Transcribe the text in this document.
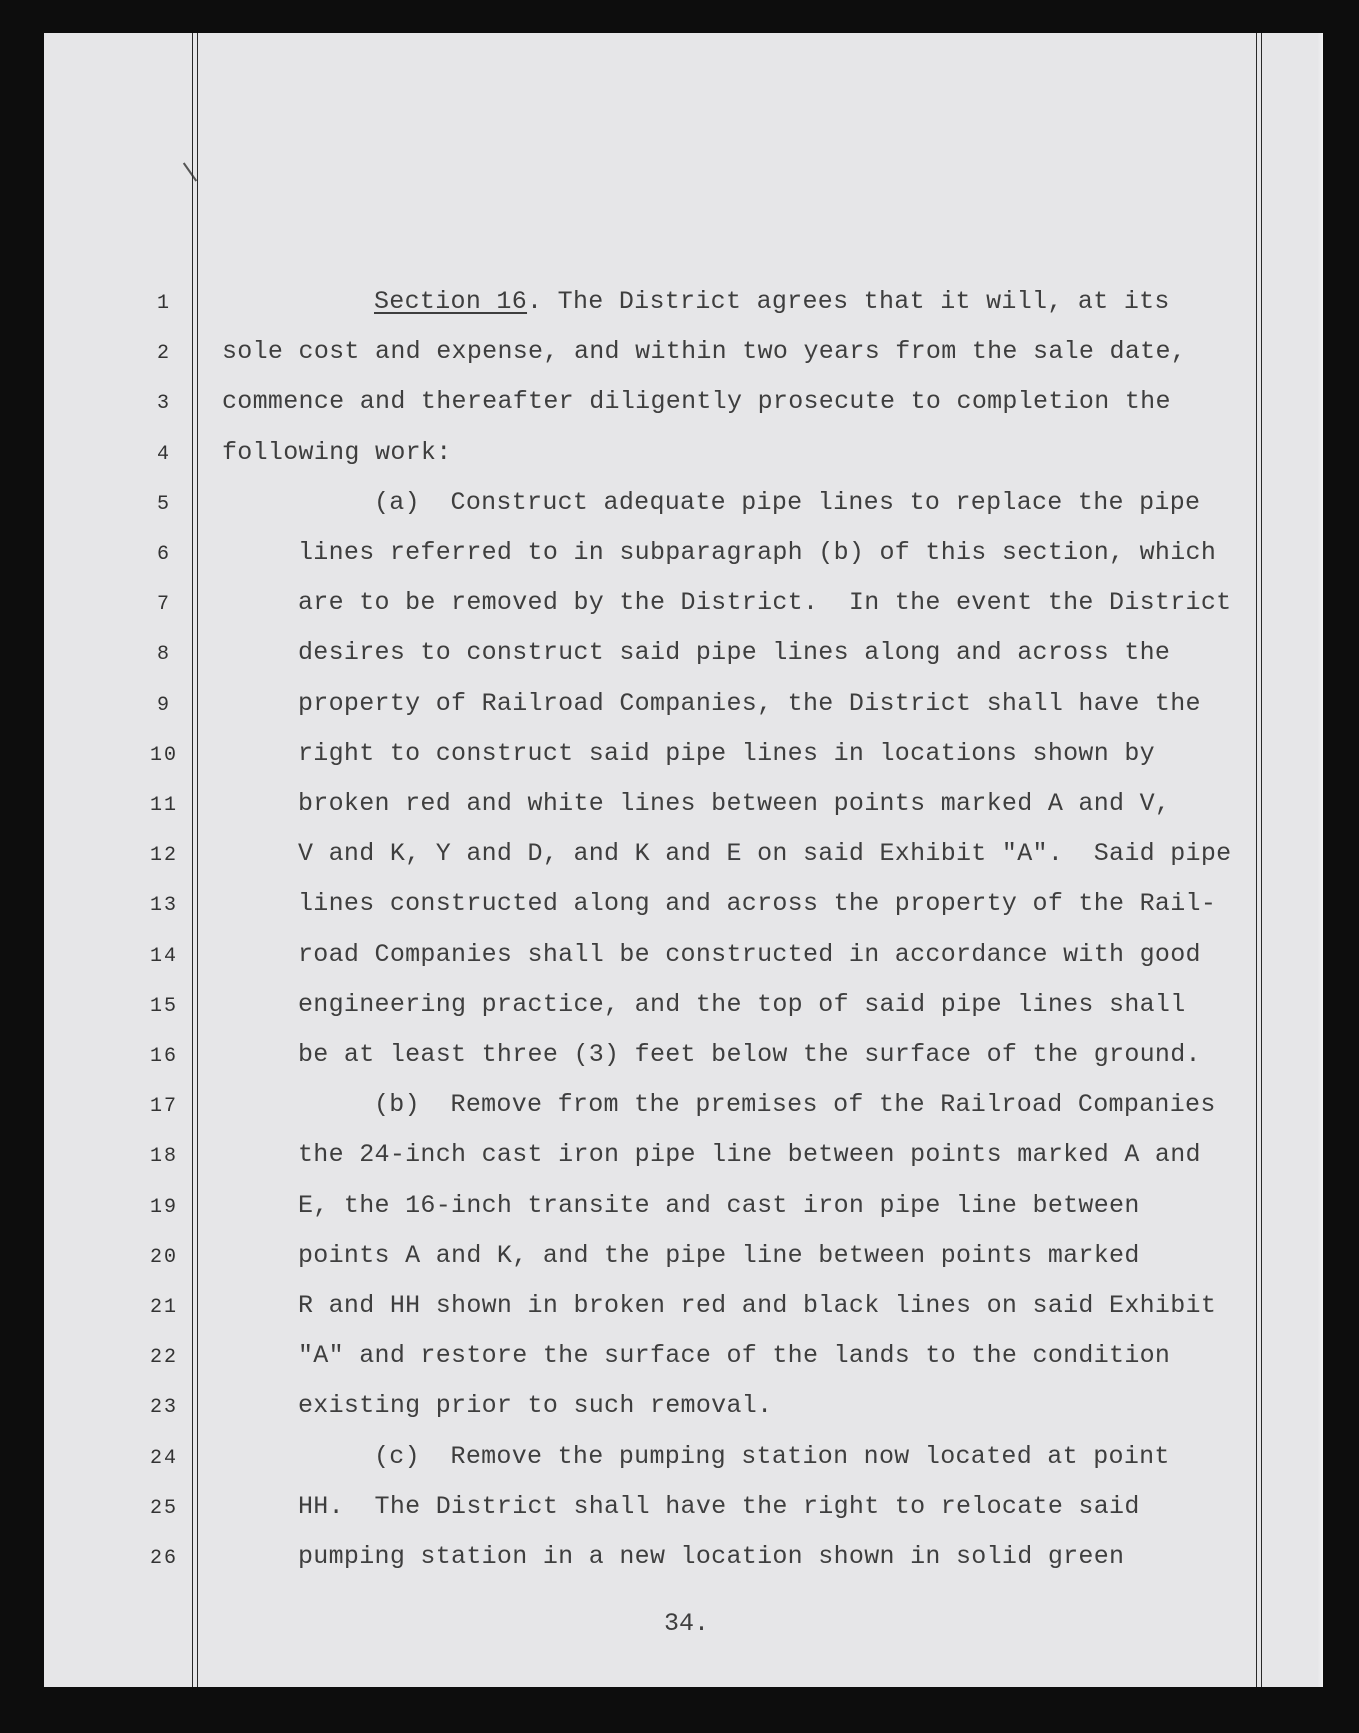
1
2
3
4
5
6
7
8
9
10
11
12
13
14
15
16
17
18
19
20
21
22
23
24
25
26
Section 16. The District agrees that it will, at its
sole cost and expense, and within two years from the sale date,
commence and thereafter diligently prosecute to completion the
following work:
(a)  Construct adequate pipe lines to replace the pipe
lines referred to in subparagraph (b) of this section, which
are to be removed by the District.  In the event the District
desires to construct said pipe lines along and across the
property of Railroad Companies, the District shall have the
right to construct said pipe lines in locations shown by
broken red and white lines between points marked A and V,
V and K, Y and D, and K and E on said Exhibit "A".  Said pipe
lines constructed along and across the property of the Rail-
road Companies shall be constructed in accordance with good
engineering practice, and the top of said pipe lines shall
be at least three (3) feet below the surface of the ground.
(b)  Remove from the premises of the Railroad Companies
the 24-inch cast iron pipe line between points marked A and
E, the 16-inch transite and cast iron pipe line between
points A and K, and the pipe line between points marked
R and HH shown in broken red and black lines on said Exhibit
"A" and restore the surface of the lands to the condition
existing prior to such removal.
(c)  Remove the pumping station now located at point
HH.  The District shall have the right to relocate said
pumping station in a new location shown in solid green
34.
